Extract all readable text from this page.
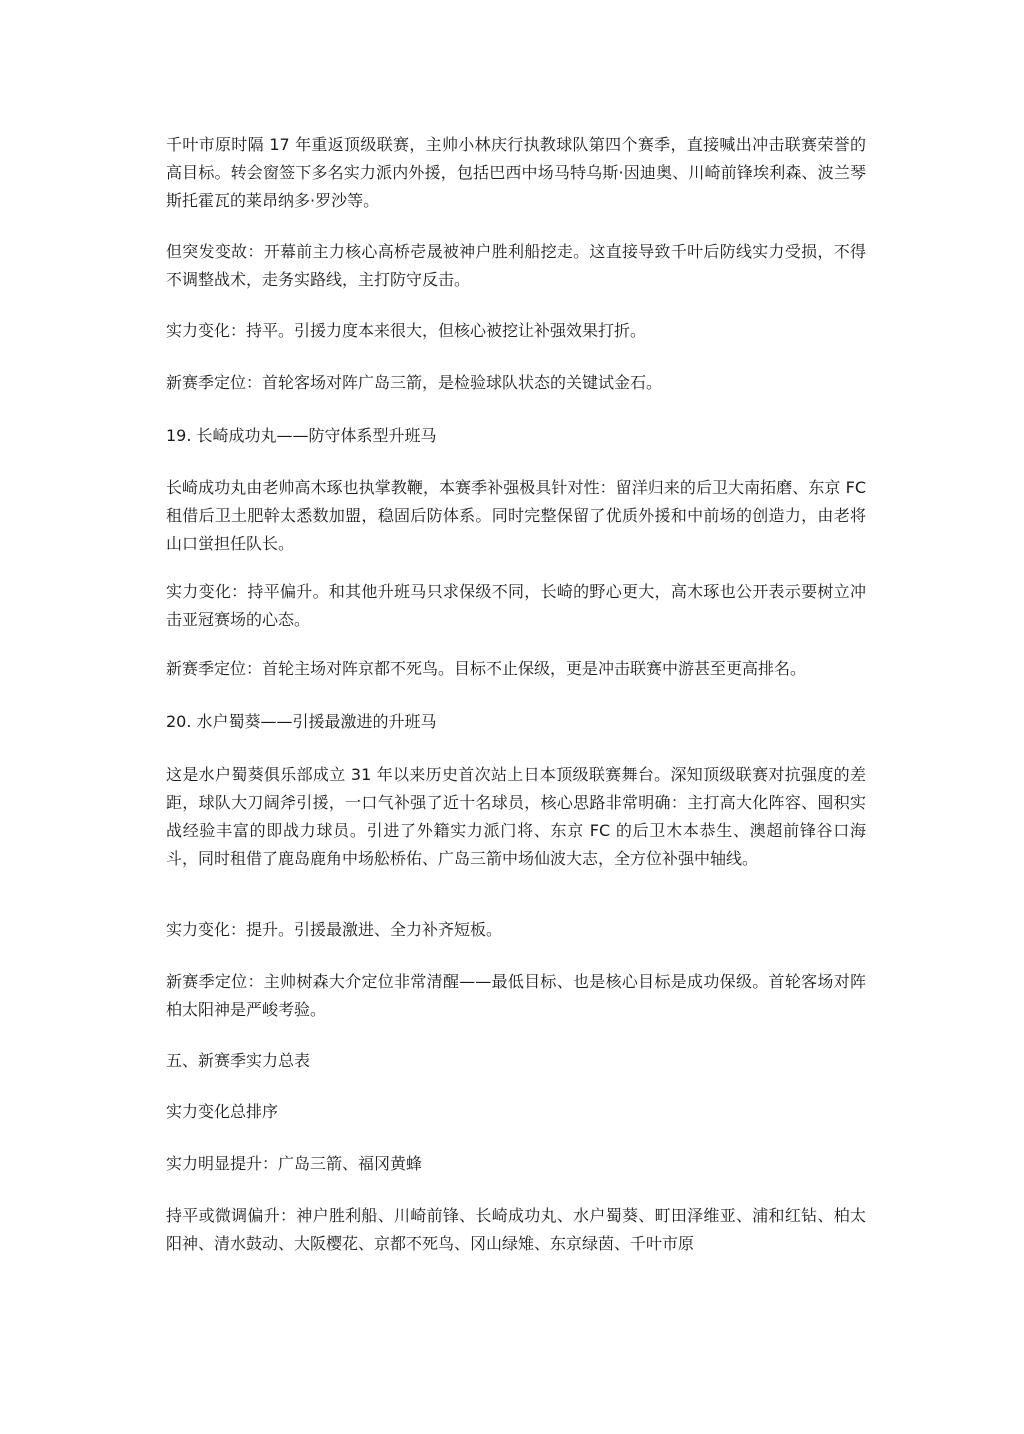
千叶市原时隔 17 年重返顶级联赛，主帅小林庆行执教球队第四个赛季，直接喊出冲击联赛荣誉的高目标。转会窗签下多名实力派内外援，包括巴西中场马特乌斯·因迪奥、川崎前锋埃利森、波兰琴斯托霍瓦的莱昂纳多·罗沙等。

但突发变故：开幕前主力核心高桥壱晟被神户胜利船挖走。这直接导致千叶后防线实力受损，不得不调整战术，走务实路线，主打防守反击。

实力变化：持平。引援力度本来很大，但核心被挖让补强效果打折。

新赛季定位：首轮客场对阵广岛三箭，是检验球队状态的关键试金石。

19. 长崎成功丸——防守体系型升班马

长崎成功丸由老帅高木琢也执掌教鞭，本赛季补强极具针对性：留洋归来的后卫大南拓磨、东京 FC 租借后卫土肥幹太悉数加盟，稳固后防体系。同时完整保留了优质外援和中前场的创造力，由老将山口蛍担任队长。

实力变化：持平偏升。和其他升班马只求保级不同，长崎的野心更大，高木琢也公开表示要树立冲击亚冠赛场的心态。

新赛季定位：首轮主场对阵京都不死鸟。目标不止保级，更是冲击联赛中游甚至更高排名。

20. 水户蜀葵——引援最激进的升班马

这是水户蜀葵俱乐部成立 31 年以来历史首次站上日本顶级联赛舞台。深知顶级联赛对抗强度的差距，球队大刀阔斧引援，一口气补强了近十名球员，核心思路非常明确：主打高大化阵容、囤积实战经验丰富的即战力球员。引进了外籍实力派门将、东京 FC 的后卫木本恭生、澳超前锋谷口海斗，同时租借了鹿岛鹿角中场舩桥佑、广岛三箭中场仙波大志，全方位补强中轴线。

实力变化：提升。引援最激进、全力补齐短板。

新赛季定位：主帅树森大介定位非常清醒——最低目标、也是核心目标是成功保级。首轮客场对阵柏太阳神是严峻考验。

五、新赛季实力总表

实力变化总排序

实力明显提升：广岛三箭、福冈黄蜂

持平或微调偏升：神户胜利船、川崎前锋、长崎成功丸、水户蜀葵、町田泽维亚、浦和红钻、柏太阳神、清水鼓动、大阪樱花、京都不死鸟、冈山绿雉、东京绿茵、千叶市原
